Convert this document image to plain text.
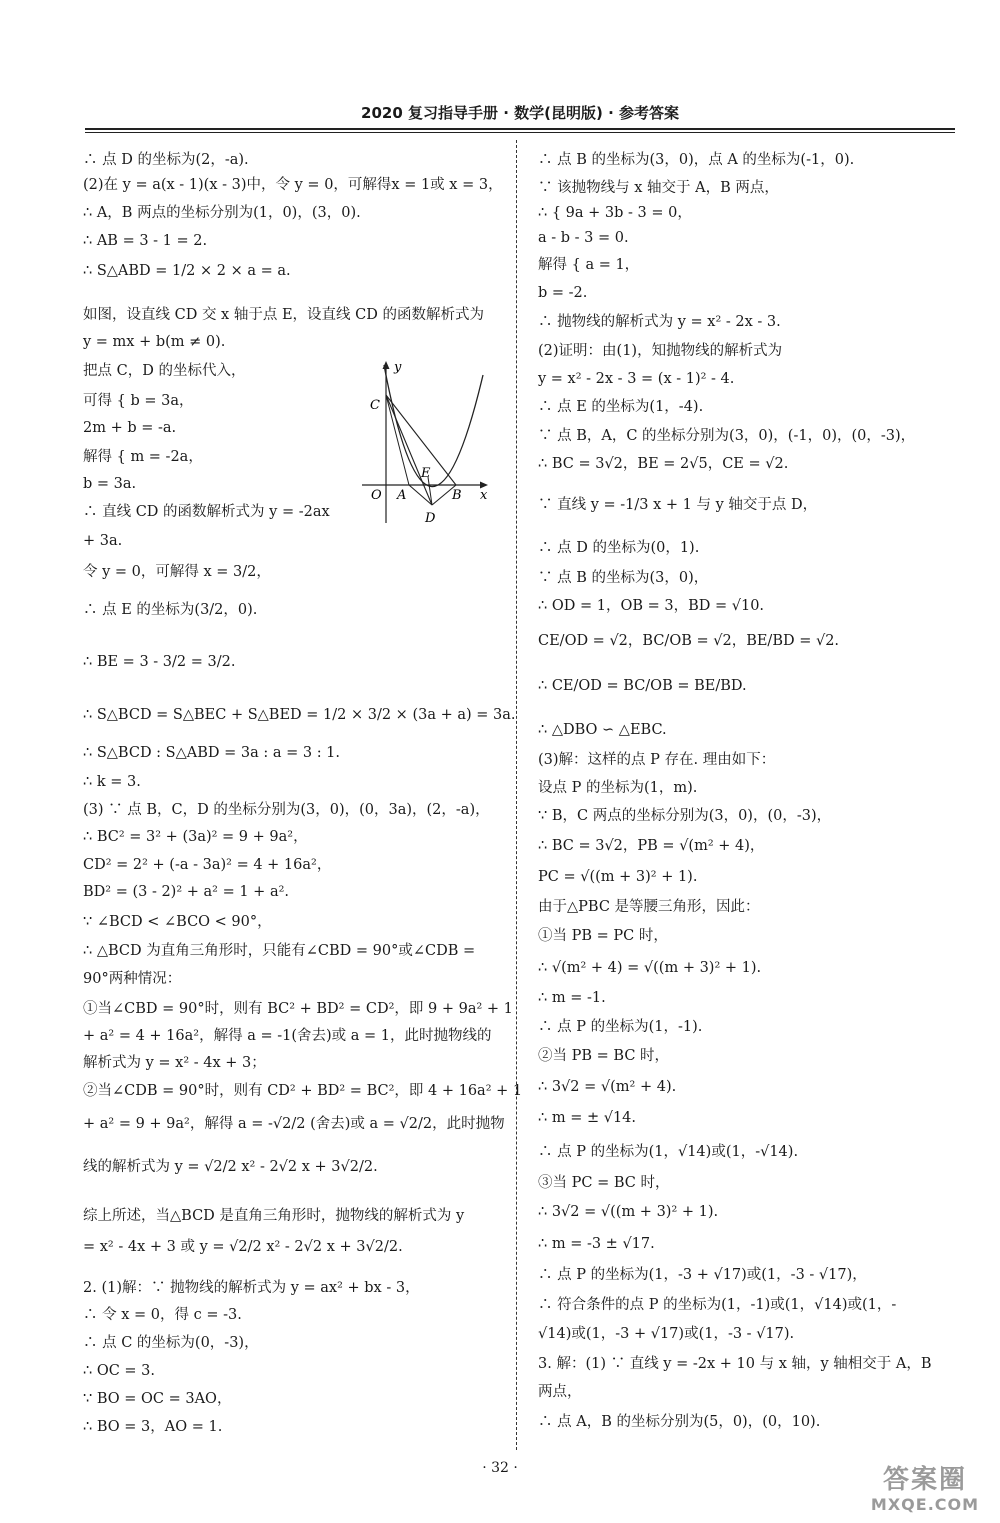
2020 复习指导手册 · 数学(昆明版) · 参考答案
∴ 点 D 的坐标为(2，-a).
(2)在 y = a(x - 1)(x - 3)中，令 y = 0，可解得x = 1或 x = 3，
∴ A，B 两点的坐标分别为(1，0)，(3，0).
∴ AB = 3 - 1 = 2.
∴ S△ABD = 1/2 × 2 × a = a.
如图，设直线 CD 交 x 轴于点 E，设直线 CD 的函数解析式为
y = mx + b(m ≠ 0).
把点 C，D 的坐标代入，
可得 { b = 3a，
2m + b = -a.
解得 { m = -2a，
b = 3a.
∴ 直线 CD 的函数解析式为 y = -2ax
+ 3a.
令 y = 0，可解得 x = 3/2，
∴ 点 E 的坐标为(3/2，0).
∴ BE = 3 - 3/2 = 3/2.
∴ S△BCD = S△BEC + S△BED = 1/2 × 3/2 × (3a + a) = 3a.
∴ S△BCD : S△ABD = 3a : a = 3 : 1.
∴ k = 3.
(3) ∵ 点 B，C，D 的坐标分别为(3，0)，(0，3a)，(2，-a)，
∴ BC² = 3² + (3a)² = 9 + 9a²，
CD² = 2² + (-a - 3a)² = 4 + 16a²，
BD² = (3 - 2)² + a² = 1 + a².
∵ ∠BCD < ∠BCO < 90°，
∴ △BCD 为直角三角形时，只能有∠CBD = 90°或∠CDB =
90°两种情况：
①当∠CBD = 90°时，则有 BC² + BD² = CD²，即 9 + 9a² + 1
+ a² = 4 + 16a²，解得 a = -1(舍去)或 a = 1，此时抛物线的
解析式为 y = x² - 4x + 3；
②当∠CDB = 90°时，则有 CD² + BD² = BC²，即 4 + 16a² + 1
+ a² = 9 + 9a²，解得 a = -√2/2 (舍去)或 a = √2/2，此时抛物
线的解析式为 y = √2/2 x² - 2√2 x + 3√2/2.
综上所述，当△BCD 是直角三角形时，抛物线的解析式为 y
= x² - 4x + 3 或 y = √2/2 x² - 2√2 x + 3√2/2.
2. (1)解：∵ 抛物线的解析式为 y = ax² + bx - 3，
∴ 令 x = 0，得 c = -3.
∴ 点 C 的坐标为(0，-3)，
∴ OC = 3.
∵ BO = OC = 3AO，
∴ BO = 3，AO = 1.
∴ 点 B 的坐标为(3，0)，点 A 的坐标为(-1，0).
∵ 该抛物线与 x 轴交于 A，B 两点，
∴ { 9a + 3b - 3 = 0，
a - b - 3 = 0.
解得 { a = 1，
b = -2.
∴ 抛物线的解析式为 y = x² - 2x - 3.
(2)证明：由(1)，知抛物线的解析式为
y = x² - 2x - 3 = (x - 1)² - 4.
∴ 点 E 的坐标为(1，-4).
∵ 点 B，A，C 的坐标分别为(3，0)，(-1，0)，(0，-3)，
∴ BC = 3√2，BE = 2√5，CE = √2.
∵ 直线 y = -1/3 x + 1 与 y 轴交于点 D，
∴ 点 D 的坐标为(0，1).
∵ 点 B 的坐标为(3，0)，
∴ OD = 1，OB = 3，BD = √10.
CE/OD = √2，BC/OB = √2，BE/BD = √2.
∴ CE/OD = BC/OB = BE/BD.
∴ △DBO ∽ △EBC.
(3)解：这样的点 P 存在. 理由如下：
设点 P 的坐标为(1，m).
∵ B，C 两点的坐标分别为(3，0)，(0，-3)，
∴ BC = 3√2，PB = √(m² + 4)，
PC = √((m + 3)² + 1).
由于△PBC 是等腰三角形，因此：
①当 PB = PC 时，
∴ √(m² + 4) = √((m + 3)² + 1).
∴ m = -1.
∴ 点 P 的坐标为(1，-1).
②当 PB = BC 时，
∴ 3√2 = √(m² + 4).
∴ m = ± √14.
∴ 点 P 的坐标为(1，√14)或(1，-√14).
③当 PC = BC 时，
∴ 3√2 = √((m + 3)² + 1).
∴ m = -3 ± √17.
∴ 点 P 的坐标为(1，-3 + √17)或(1，-3 - √17)，
∴ 符合条件的点 P 的坐标为(1，-1)或(1，√14)或(1，-
√14)或(1，-3 + √17)或(1，-3 - √17).
3. 解：(1) ∵ 直线 y = -2x + 10 与 x 轴，y 轴相交于 A，B
两点，
∴ 点 A，B 的坐标分别为(5，0)，(0，10).
y
x
O A	B
C
D
E
· 32 ·	答案圈
MXQE.COM
